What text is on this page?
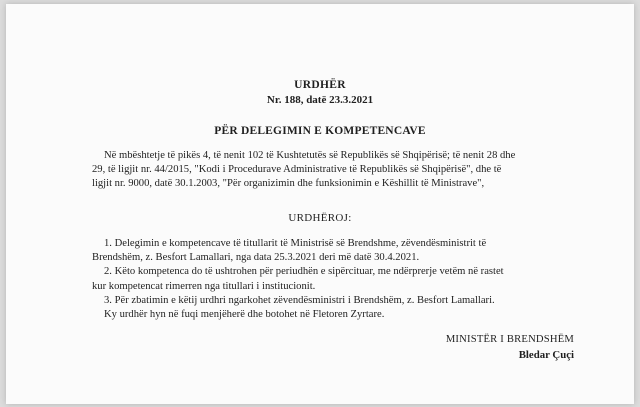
URDHËR
Nr. 188, datë 23.3.2021
PËR DELEGIMIN E KOMPETENCAVE
Në mbështetje të pikës 4, të nenit 102 të Kushtetutës së Republikës së Shqipërisë; të nenit 28 dhe
29, të ligjit nr. 44/2015, "Kodi i Procedurave Administrative të Republikës së Shqipërisë", dhe të
ligjit nr. 9000, datë 30.1.2003, "Për organizimin dhe funksionimin e Këshillit të Ministrave",
URDHËROJ:
1. Delegimin e kompetencave të titullarit të Ministrisë së Brendshme, zëvendësministrit të
Brendshëm, z. Besfort Lamallari, nga data 25.3.2021 deri më datë 30.4.2021.
2. Këto kompetenca do të ushtrohen për periudhën e sipërcituar, me ndërprerje vetëm në rastet
kur kompetencat rimerren nga titullari i institucionit.
3. Për zbatimin e këtij urdhri ngarkohet zëvendësministri i Brendshëm, z. Besfort Lamallari.
Ky urdhër hyn në fuqi menjëherë dhe botohet në Fletoren Zyrtare.
MINISTËR I BRENDSHËM
Bledar Çuçi
